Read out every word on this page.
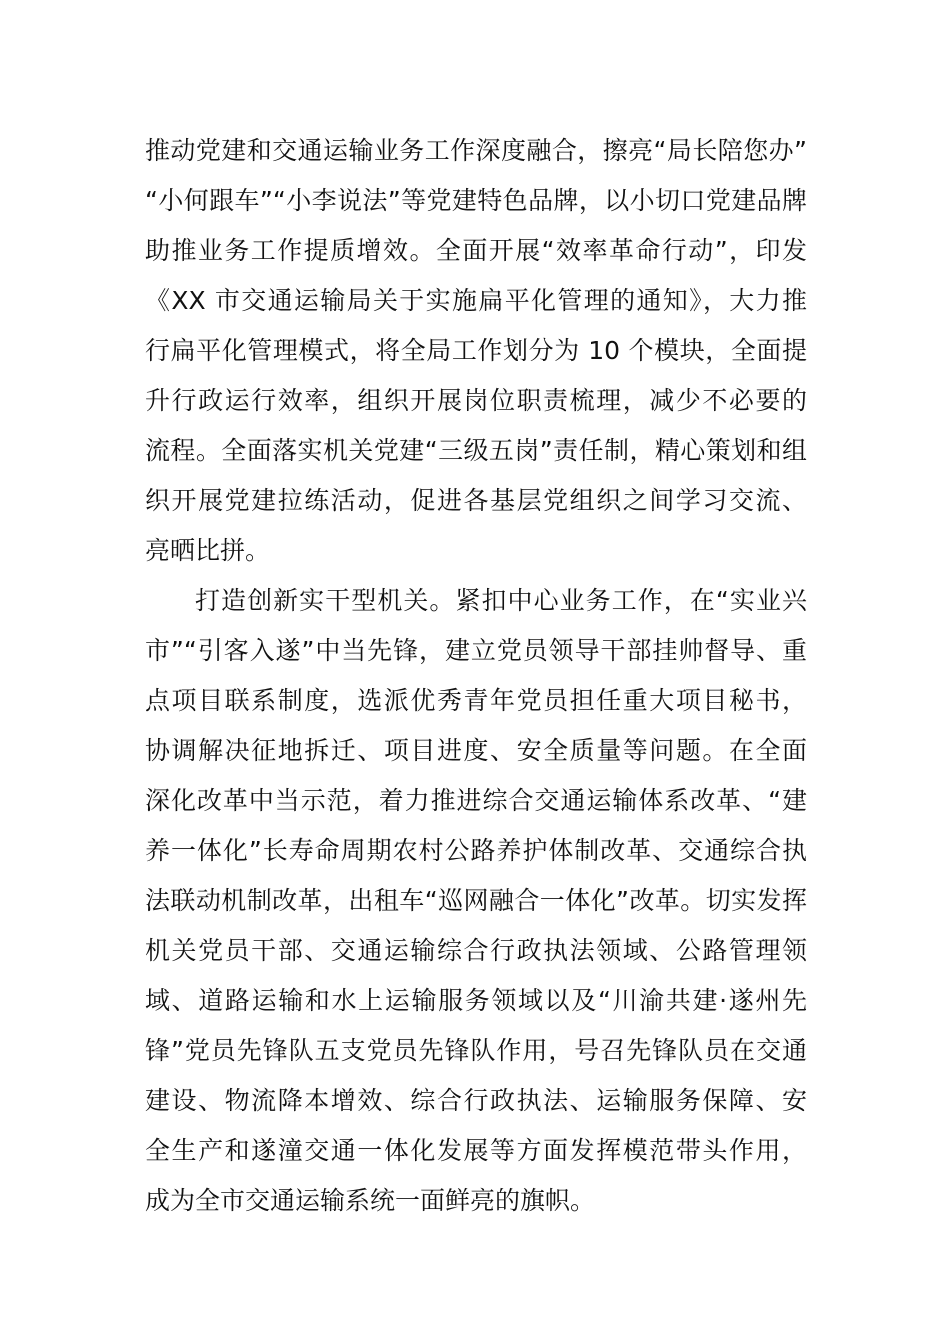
推动党建和交通运输业务工作深度融合，擦亮“局长陪您办”
“小何跟车”“小李说法”等党建特色品牌，以小切口党建品牌
助推业务工作提质增效。全面开展“效率革命行动”，印发
《XX 市交通运输局关于实施扁平化管理的通知》，大力推
行扁平化管理模式，将全局工作划分为 10 个模块，全面提
升行政运行效率，组织开展岗位职责梳理，减少不必要的
流程。全面落实机关党建“三级五岗”责任制，精心策划和组
织开展党建拉练活动，促进各基层党组织之间学习交流、
亮晒比拼。
打造创新实干型机关。紧扣中心业务工作，在“实业兴
市”“引客入遂”中当先锋，建立党员领导干部挂帅督导、重
点项目联系制度，选派优秀青年党员担任重大项目秘书，
协调解决征地拆迁、项目进度、安全质量等问题。在全面
深化改革中当示范，着力推进综合交通运输体系改革、“建
养一体化”长寿命周期农村公路养护体制改革、交通综合执
法联动机制改革，出租车“巡网融合一体化”改革。切实发挥
机关党员干部、交通运输综合行政执法领域、公路管理领
域、道路运输和水上运输服务领域以及“川渝共建·遂州先
锋”党员先锋队五支党员先锋队作用，号召先锋队员在交通
建设、物流降本增效、综合行政执法、运输服务保障、安
全生产和遂潼交通一体化发展等方面发挥模范带头作用，
成为全市交通运输系统一面鲜亮的旗帜。
